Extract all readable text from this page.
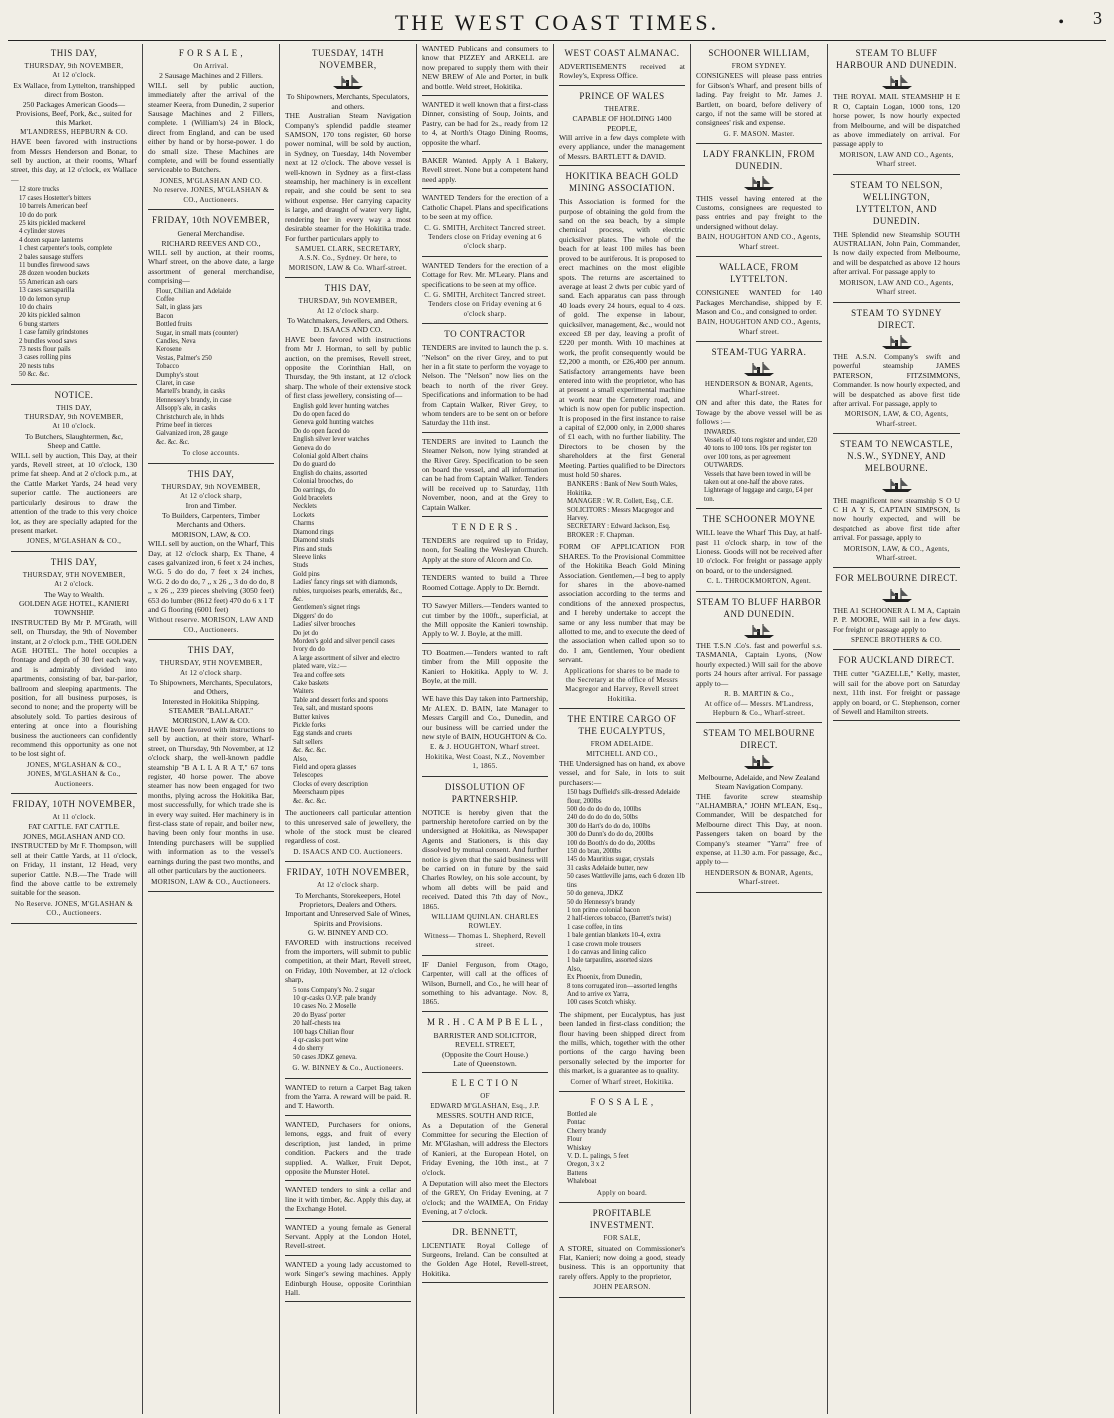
THE WEST COAST TIMES.	• 3
THIS DAY,
THURSDAY, 9th NOVEMBER,
At 12 o'clock.
Ex Wallace, from Lyttelton, transhipped direct from Boston.
250 Packages American Goods—Provisions, Beef, Pork, &c., suited for this Market.
M'LANDRESS, HEPBURN & CO.

HAVE been favored with instructions from Messrs Henderson and Bonar, to sell by auction, at their rooms, Wharf street, this day, at 12 o'clock, ex Wallace—

12 store trucks
17 cases Hostetter's bitters
10 barrels American beef
10 do do pork
25 kits pickled mackerel
4 cylinder stoves
4 dozen square lanterns
1 chest carpenter's tools, complete
2 bales sausage stuffers
11 bundles firewood saws
28 dozen wooden buckets
55 American ash oars
13 cases sarsaparilla
10 do lemon syrup
10 do chairs
20 kits pickled salmon
6 bung starters
1 case family grindstones
2 bundles wood saws
73 nests flour pails
3 cases rolling pins
20 nests tubs
50 &c. &c.
NOTICE.
THIS DAY,
THURSDAY, 9th NOVEMBER,
At 10 o'clock.
To Butchers, Slaughtermen, &c,
Sheep and Cattle.

WILL sell by auction, This Day, at their yards, Revell street, at 10 o'clock, 130 prime fat sheep. And at 2 o'clock p.m., at the Cattle Market Yards, 24 head very superior cattle. The auctioneers are particularly desirous to draw the attention of the trade to this very choice lot, as they are specially adapted for the present market.

JONES, M'GLASHAN & CO.,
THIS DAY,
THURSDAY, 9TH NOVEMBER,
At 2 o'clock.
The Way to Wealth.
GOLDEN AGE HOTEL, KANIERI TOWNSHIP.

INSTRUCTED By Mr P. M'Grath, will sell, on Thursday, the 9th of November instant, at 2 o'clock p.m., THE GOLDEN AGE HOTEL. The hotel occupies a frontage and depth of 30 feet each way, and is admirably divided into apartments, consisting of bar, bar-parlor, ballroom and sleeping apartments. The position, for all business purposes, is second to none; and the property will be absolutely sold. To parties desirous of entering at once into a flourishing business the auctioneers can confidently recommend this opportunity as one not to be lost sight of.

JONES, M'GLASHAN & CO.,
JONES, M'GLASHAN & Co., Auctioneers.
FRIDAY, 10TH NOVEMBER,
At 11 o'clock.
FAT CATTLE. FAT CATTLE.
JONES, MGLASHAN AND CO.

INSTRUCTED by Mr F. Thompson, will sell at their Cattle Yards, at 11 o'clock, on Friday, 11 instant, 12 Head, very superior Cattle. N.B.—The Trade will find the above cattle to be extremely suitable for the season.

No Reserve. JONES, M'GLASHAN & CO., Auctioneers.
F O R S A L E ,
On Arrival.
2 Sausage Machines and 2 Fillers.

WILL sell by public auction, immediately after the arrival of the steamer Keera, from Dunedin, 2 superior Sausage Machines and 2 Fillers, complete. 1 (William's) 24 in Block, direct from England, and can be used either by hand or by horse-power. 1 do do small size. These Machines are complete, and will be found essentially serviceable to Butchers.

JONES, M'GLASHAN AND CO.
No reserve. JONES, M'GLASHAN & CO., Auctioneers.
FRIDAY, 10th NOVEMBER,
General Merchandise.
RICHARD REEVES AND CO.,

WILL sell by auction, at their rooms, Wharf street, on the above date, a large assortment of general merchandise, comprising—

Flour, Chilian and Adelaide
Coffee
Salt, in glass jars
Bacon
Bottled fruits
Sugar, in small mats (counter)
Candles, Neva
Kerosene
Vestas, Palmer's 250
Tobacco
Dumphy's stout
Claret, in case
Martell's brandy, in casks
Hennessey's brandy, in case
Allsopp's ale, in casks
Christchurch ale, in hhds
Prime beef in tierces
Galvanized iron, 28 gauge
&c. &c. &c.
To close accounts.
THIS DAY,
THURSDAY, 9th NOVEMBER,
At 12 o'clock sharp,
Iron and Timber.
To Builders, Carpenters, Timber Merchants and Others.
MORISON, LAW, & CO.

WILL sell by auction, on the Wharf, This Day, at 12 o'clock sharp, Ex Thane, 4 cases galvanized iron, 6 feet x 24 inches, W.G. 5 do do do, 7 feet x 24 inches, W.G. 2 do do do, 7 ,, x 26 ,, 3 do do do, 8 ,, x 26 ,, 239 pieces shelving (3050 feet) 653 do lumber (8612 feet) 470 do 6 x 1 T and G flooring (6001 feet)

Without reserve. MORISON, LAW AND CO., Auctioneers.
THIS DAY,
THURSDAY, 9TH NOVEMBER,
At 12 o'clock sharp.
To Shipowners, Merchants, Speculators, and Others,
Interested in Hokitika Shipping.
STEAMER "BALLARAT."
MORISON, LAW & CO.

HAVE been favored with instructions to sell by auction, at their store, Wharf-street, on Thursday, 9th November, at 12 o'clock sharp, the well-known paddle steamship "B A L L A R A T," 67 tons register, 40 horse power. The above steamer has now been engaged for two months, plying across the Hokitika Bar, most successfully, for which trade she is in every way suited. Her machinery is in first-class state of repair, and boiler new, having been only four months in use. Intending purchasers will be supplied with information as to the vessel's earnings during the past two months, and all other particulars by the auctioneers.

MORISON, LAW & CO., Auctioneers.
TUESDAY, 14TH NOVEMBER,
To Shipowners, Merchants, Speculators, and others.

THE Australian Steam Navigation Company's splendid paddle steamer SAMSON, 170 tons register, 60 horse power nominal, will be sold by auction, in Sydney, on Tuesday, 14th November next at 12 o'clock. The above vessel is well-known in Sydney as a first-class steamship, her machinery is in excellent repair, and she could be sent to sea without expense. Her carrying capacity is large, and draught of water very light, rendering her in every way a most desirable steamer for the Hokitika trade. For further particulars apply to

SAMUEL CLARK, SECRETARY,
A.S.N. Co., Sydney. Or here, to MORISON, LAW & Co. Wharf-street.
THIS DAY,
THURSDAY, 9th NOVEMBER,
At 12 o'clock sharp.
To Watchmakers, Jewellers, and Others.
D. ISAACS AND CO.

HAVE been favored with instructions from Mr J. Horman, to sell by public auction, on the premises, Revell street, opposite the Corinthian Hall, on Thursday, the 9th instant, at 12 o'clock sharp. The whole of their extensive stock of first class jewellery, consisting of—

English gold lever hunting watches
Do do open faced do
Geneva gold hunting watches
Do do open faced do
English silver lever watches
Geneva do do
Colonial gold Albert chains
Do do guard do
English do chains, assorted
Colonial brooches, do
Do earrings, do
Gold bracelets
Necklets
Lockets
Charms
Diamond rings
Diamond studs
Pins and studs
Sleeve links
Studs
Gold pins
Ladies' fancy rings set with diamonds, rubies, turquoises pearls, emeralds, &c., &c.
Gentlemen's signet rings
Diggers' do do
Ladies' silver brooches
Do jet do
Morden's gold and silver pencil cases
Ivory do do
A large assortment of silver and electro plated ware, viz.:—
Tea and coffee sets
Cake baskets
Waiters
Table and dessert forks and spoons
Tea, salt, and mustard spoons
Butter knives
Pickle forks
Egg stands and cruets
Salt sellers
&c. &c. &c.
Also,
Field and opera glasses
Telescopes
Clocks of every description
Meerschaum pipes
&c. &c. &c.

The auctioneers call particular attention to this unreserved sale of jewellery, the whole of the stock must be cleared regardless of cost.

D. ISAACS AND CO. Auctioneers.
FRIDAY, 10TH NOVEMBER,
At 12 o'clock sharp.
To Merchants, Storekeepers, Hotel Proprietors, Dealers and Others.
Important and Unreserved Sale of Wines, Spirits and Provisions.
G. W. BINNEY AND CO.

FAVORED with instructions received from the importers, will submit to public competition, at their Mart, Revell street, on Friday, 10th November, at 12 o'clock sharp,

5 tons Company's No. 2 sugar
10 qr-casks O.V.P. pale brandy
10 cases No. 2 Moselle
20 do Byass' porter
20 half-chests tea
100 bags Chilian flour
4 qr-casks port wine
4 do sherry
50 cases JDKZ geneva.
G. W. BINNEY & Co., Auctioneers.

WANTED to return a Carpet Bag taken from the Yarra. A reward will be paid. R. and T. Haworth.

WANTED, Purchasers for onions, lemons, eggs, and fruit of every description, just landed, in prime condition. Packers and the trade supplied. A. Walker, Fruit Depot, opposite the Munster Hotel.

WANTED tenders to sink a cellar and line it with timber, &c. Apply this day, at the Exchange Hotel.

WANTED a young female as General Servant. Apply at the London Hotel, Revell-street.

WANTED a young lady accustomed to work Singer's sewing machines. Apply Edinburgh House, opposite Corinthian Hall.

WANTED Publicans and consumers to know that PIZZEY and ARKELL are now prepared to supply them with their NEW BREW of Ale and Porter, in bulk and bottle. Weld street, Hokitika.

WANTED it well known that a first-class Dinner, consisting of Soup, Joints, and Pastry, can be had for 2s., ready from 12 to 4, at North's Otago Dining Rooms, opposite the wharf.

BAKER Wanted. Apply A 1 Bakery, Revell street. None but a competent hand need apply.

WANTED Tenders for the erection of a Catholic Chapel. Plans and specifications to be seen at my office.

C. G. SMITH, Architect Tancred street.
Tenders close on Friday evening at 6 o'clock sharp.

WANTED Tenders for the erection of a Cottage for Rev. Mr. M'Leary. Plans and specifications to be seen at my office.

C. G. SMITH, Architect Tancred street.
Tenders close on Friday evening at 6 o'clock sharp.
TO CONTRACTOR

TENDERS are invited to launch the p. s. "Nelson" on the river Grey, and to put her in a fit state to perform the voyage to Nelson. The "Nelson" now lies on the beach to north of the river Grey. Specifications and information to be had from Captain Walker, River Grey, to whom tenders are to be sent on or before Saturday the 11th inst.

TENDERS are invited to Launch the Steamer Nelson, now lying stranded at the River Grey. Specification to be seen on board the vessel, and all information can be had from Captain Walker. Tenders will be received up to Saturday, 11th November, noon, and at the Grey to Captain Walker.

T E N D E R S .

TENDERS are required up to Friday, noon, for Sealing the Wesleyan Church. Apply at the store of Alcorn and Co.

TENDERS wanted to build a Three Roomed Cottage. Apply to Dr. Berndt.

TO Sawyer Millers.—Tenders wanted to cut timber by the 100ft., superficial, at the Mill opposite the Kanieri township. Apply to W. J. Boyle, at the mill.

TO Boatmen.—Tenders wanted to raft timber from the Mill opposite the Kanieri to Hokitika. Apply to W. J. Boyle, at the mill.

WE have this Day taken into Partnership, Mr ALEX. D. BAIN, late Manager to Messrs Cargill and Co., Dunedin, and our business will be carried under the new style of BAIN, HOUGHTON & Co.

E. & J. HOUGHTON, Wharf street.
Hokitika, West Coast, N.Z., November 1, 1865.
DISSOLUTION OF PARTNERSHIP.

NOTICE is hereby given that the partnership heretofore carried on by the undersigned at Hokitika, as Newspaper Agents and Stationers, is this day dissolved by mutual consent. And further notice is given that the said business will be carried on in future by the said Charles Rowley, on his sole account, by whom all debts will be paid and received. Dated this 7th day of Nov., 1865.

WILLIAM QUINLAN. CHARLES ROWLEY.
Witness— Thomas L. Shepherd, Revell street.

IF Daniel Ferguson, from Otago, Carpenter, will call at the offices of Wilson, Burnell, and Co., he will hear of something to his advantage. Nov. 8, 1865.

M R . H . C A M P B E L L ,
BARRISTER AND SOLICITOR,
REVELL STREET,
(Opposite the Court House.)
Late of Queenstown.
E L E C T I O N
OF
EDWARD M'GLASHAN, Esq., J.P.
MESSRS. SOUTH AND RICE,

As a Deputation of the General Committee for securing the Election of Mr. M'Glashan, will address the Electors of Kanieri, at the European Hotel, on Friday Evening, the 10th inst., at 7 o'clock.

A Deputation will also meet the Electors of the GREY, On Friday Evening, at 7 o'clock; and the WAIMEA, On Friday Evening, at 7 o'clock.

DR. BENNETT,

LICENTIATE Royal College of Surgeons, Ireland. Can be consulted at the Golden Age Hotel, Revell-street, Hokitika.

WEST COAST ALMANAC.

ADVERTISEMENTS received at Rowley's, Express Office.

PRINCE OF WALES
THEATRE.
CAPABLE OF HOLDING 1400 PEOPLE,

Will arrive in a few days complete with every appliance, under the management of Messrs. BARTLETT & DAVID.

HOKITIKA BEACH GOLD MINING ASSOCIATION.

This Association is formed for the purpose of obtaining the gold from the sand on the sea beach, by a simple chemical process, with electric quicksilver plates. The whole of the beach for at least 100 miles has been proved to be auriferous. It is proposed to erect machines on the most eligible spots. The returns are ascertained to average at least 2 dwts per cubic yard of sand. Each apparatus can pass through 40 loads every 24 hours, equal to 4 ozs. of gold. The expense in labour, quicksilver, management, &c., would not exceed £8 per day, leaving a profit of £220 per month. With 10 machines at work, the profit consequently would be £2,200 a month, or £26,400 per annum. Satisfactory arrangements have been entered into with the proprietor, who has at present a small experimental machine at work near the Cemetery road, and which is now open for public inspection. It is proposed in the first instance to raise a capital of £2,000 only, in 2,000 shares of £1 each, with no further liability. The Directors to be chosen by the shareholders at the first General Meeting. Parties qualified to be Directors must hold 50 shares.

BANKERS : Bank of New South Wales, Hokitika.
MANAGER : W. R. Collett, Esq., C.E.
SOLICITORS : Messrs Macgregor and Harvey.
SECRETARY : Edward Jackson, Esq.
BROKER : F. Chapman.

FORM OF APPLICATION FOR SHARES. To the Provisional Committee of the Hokitika Beach Gold Mining Association. Gentlemen,—I beg to apply for shares in the above-named association according to the terms and conditions of the annexed prospectus, and I hereby undertake to accept the same or any less number that may be allotted to me, and to execute the deed of the association when called upon so to do. I am, Gentlemen, Your obedient servant.

Applications for shares to be made to the Secretary at the office of Messrs Macgregor and Harvey, Revell street Hokitika.
THE ENTIRE CARGO OF THE EUCALYPTUS,
FROM ADELAIDE.
MITCHELL AND CO.,

THE Undersigned has on hand, ex above vessel, and for Sale, in lots to suit purchasers:—

150 bags Duffield's silk-dressed Adelaide flour, 200lbs
500 do do do do do, 100lbs
240 do do do do do, 50lbs
300 do Hart's do do do, 100lbs
300 do Dunn's do do do, 200lbs
100 do Booth's do do do, 200lbs
150 do bran, 200lbs
145 do Mauritius sugar, crystals
31 casks Adelaide butter, new
50 cases Wattleville jams, each 6 dozen 1lb tins
50 do geneva, JDKZ
50 do Hennessy's brandy
1 ton prime colonial bacon
2 half-tierces tobacco, (Barrett's twist)
1 case coffee, in tins
1 bale gentian blankets 10-4, extra
1 case crown mole trousers
1 do canvas and lining calico
1 bale tarpaulins, assorted sizes
Also,
Ex Phoenix, from Dunedin,
8 tons corrugated iron—assorted lengths
And to arrive ex Yarra,
100 cases Scotch whisky.

The shipment, per Eucalyptus, has just been landed in first-class condition; the flour having been shipped direct from the mills, which, together with the other portions of the cargo having been personally selected by the importer for this market, is a guarantee as to quality.

Corner of Wharf street, Hokitika.
F O S S A L E ,
Bottled ale
Pontac
Cherry brandy
Flour
Whiskey
V. D. L. palings, 5 feet
Oregon, 3 x 2
Battens
Whaleboat
Apply on board.
PROFITABLE INVESTMENT.
FOR SALE,

A STORE, situated on Commissioner's Flat, Kanieri; now doing a good, steady business. This is an opportunity that rarely offers. Apply to the proprietor,

JOHN PEARSON.
SCHOONER WILLIAM,
FROM SYDNEY.

CONSIGNEES will please pass entries for Gibson's Wharf, and present bills of lading. Pay freight to Mr. James J. Bartlett, on board, before delivery of cargo, if not the same will be stored at consignees' risk and expense.

G. F. MASON. Master.
LADY FRANKLIN, FROM DUNEDIN.

THIS vessel having entered at the Customs, consignees are requested to pass entries and pay freight to the undersigned without delay.

BAIN, HOUGHTON AND CO., Agents, Wharf street.
WALLACE, FROM LYTTELTON.

CONSIGNEE WANTED for 140 Packages Merchandise, shipped by F. Mason and Co., and consigned to order.

BAIN, HOUGHTON AND CO., Agents, Wharf street.
STEAM-TUG YARRA.
HENDERSON & BONAR, Agents, Wharf-street.

ON and after this date, the Rates for Towage by the above vessel will be as follows :—

INWARDS.
Vessels of 40 tons register and under, £20
40 tons to 100 tons. 10s per register ton
over 100 tons, as per agreement
OUTWARDS.
Vessels that have been towed in will be taken out at one-half the above rates.
Lighterage of luggage and cargo, £4 per ton.
THE SCHOONER MOYNE

WILL leave the Wharf This Day, at half-past 11 o'clock sharp, in tow of the Lioness. Goods will not be received after 10 o'clock. For freight or passage apply on board, or to the undersigned.

C. L. THROCKMORTON, Agent.
STEAM TO BLUFF HARBOR AND DUNEDIN.

THE T.S.N .Co's. fast and powerful s.s. TASMANIA, Captain Lyons, (Now hourly expected.) Will sail for the above ports 24 hours after arrival. For passage apply to—

R. B. MARTIN & Co.,
At office of— Messrs. M'Landress, Hepburn & Co., Wharf-street.
STEAM TO MELBOURNE DIRECT.
Melbourne, Adelaide, and New Zealand Steam Navigation Company.

THE favorite screw steamship "ALHAMBRA," JOHN M'LEAN, Esq., Commander, Will be despatched for Melbourne direct This Day, at noon. Passengers taken on board by the Company's steamer "Yarra" free of expense, at 11.30 a.m. For passage, &c., apply to—

HENDERSON & BONAR, Agents, Wharf-street.
STEAM TO BLUFF HARBOUR AND DUNEDIN.

THE ROYAL MAIL STEAMSHIP H E R O, Captain Logan, 1000 tons, 120 horse power, Is now hourly expected from Melbourne, and will be dispatched as above immediately on arrival. For passage apply to

MORISON, LAW AND CO., Agents, Wharf street.
STEAM TO NELSON, WELLINGTON, LYTTELTON, AND DUNEDIN.

THE Splendid new Steamship SOUTH AUSTRALIAN, John Pain, Commander, Is now daily expected from Melbourne, and will be despatched as above 12 hours after arrival. For passage apply to

MORISON, LAW AND CO., Agents, Wharf street.
STEAM TO SYDNEY DIRECT.

THE A.S.N. Company's swift and powerful steamship JAMES PATERSON, FITZSIMMONS, Commander. Is now hourly expected, and will be despatched as above first tide after arrival. For passage, apply to

MORISON, LAW, & CO, Agents, Wharf-street.
STEAM TO NEWCASTLE, N.S.W., SYDNEY, AND MELBOURNE.

THE magnificent new steamship S O U C H A Y S, CAPTAIN SIMPSON, Is now hourly expected, and will be despatched as above first tide after arrival. For passage, apply to

MORISON, LAW, & CO., Agents, Wharf-street.
FOR MELBOURNE DIRECT.

THE A1 SCHOONER A L M A, Captain P. P. MOORE, Will sail in a few days. For freight or passage apply to

SPENCE BROTHERS & CO.
FOR AUCKLAND DIRECT.

THE cutter "GAZELLE," Kelly, master, will sail for the above port on Saturday next, 11th inst. For freight or passage apply on board, or C. Stephenson, corner of Sewell and Hamilton streets.
